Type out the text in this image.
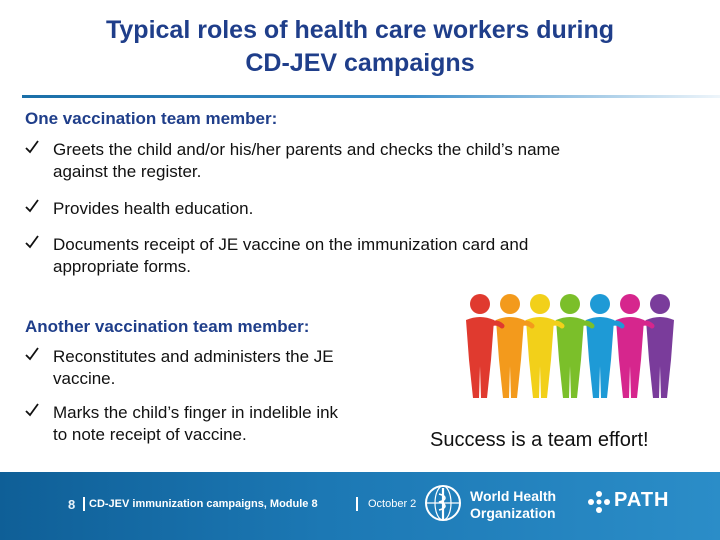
Typical roles of health care workers during
CD-JEV campaigns
One vaccination team member:
Greets the child and/or his/her parents and checks the child’s name
against the register.
Provides health education.
Documents receipt of JE vaccine on the immunization card and
appropriate forms.
Another vaccination team member:
Reconstitutes and administers the JE
vaccine.
Marks the child’s finger in indelible ink
to note receipt of vaccine.	Success is a team effort!
8 CD-JEV immunization campaigns, Module 8	October 2	World Health
Organization
PATH
